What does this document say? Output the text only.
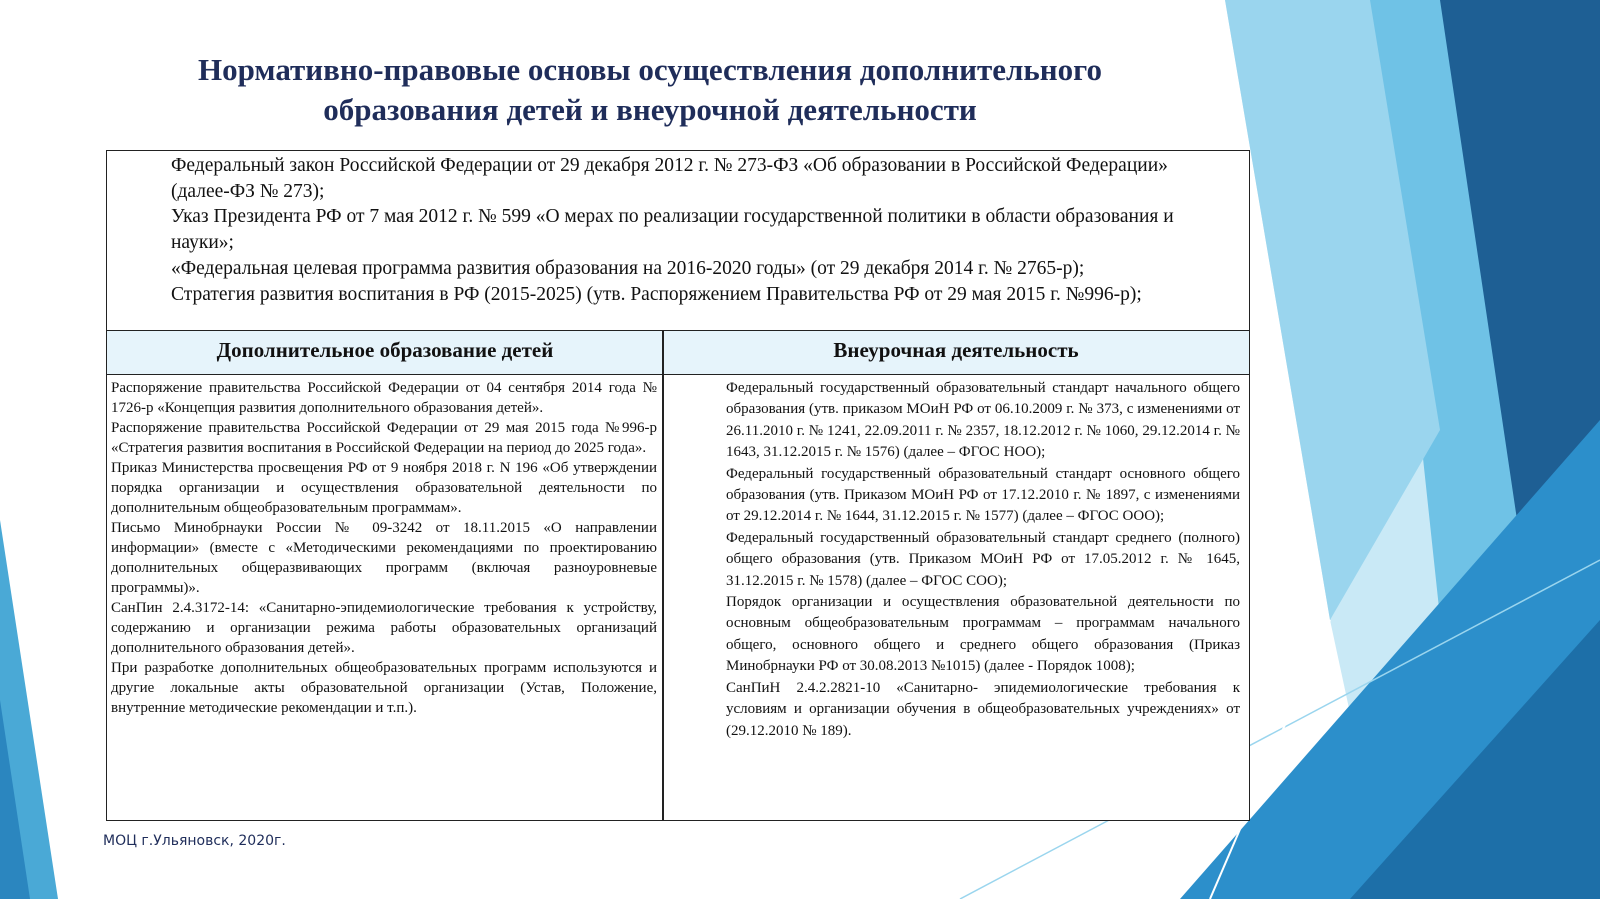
Нормативно-правовые основы осуществления дополнительного
образования детей и внеурочной деятельности

Федеральный закон Российской Федерации от 29 декабря 2012 г. № 273-ФЗ «Об образовании в Российской Федерации» (далее-ФЗ № 273);

Указ Президента РФ от 7 мая 2012 г. № 599 «О мерах по реализации государственной политики в области образования и науки»;

«Федеральная целевая программа развития образования на 2016-2020 годы» (от 29 декабря 2014 г. № 2765-р);

Стратегия развития воспитания в РФ (2015-2025) (утв. Распоряжением Правительства РФ от 29 мая 2015 г. №996-р);

Дополнительное образование детей	Внеурочная деятельность

Распоряжение правительства Российской Федерации от 04 сентября 2014 года № 1726-р «Концепция развития дополнительного образования детей».

Распоряжение правительства Российской Федерации от 29 мая 2015 года №996-р «Стратегия развития воспитания в Российской Федерации на период до 2025 года».

Приказ Министерства просвещения РФ от 9 ноября 2018 г. N 196 «Об утверждении порядка организации и осуществления образовательной деятельности по дополнительным общеобразовательным программам».

Письмо Минобрнауки России № 09-3242 от 18.11.2015 «О направлении информации» (вместе с «Методическими рекомендациями по проектированию дополнительных общеразвивающих программ (включая разноуровневые программы)».

СанПин 2.4.3172-14: «Санитарно-эпидемиологические требования к устройству, содержанию и организации режима работы образовательных организаций дополнительного образования детей».

При разработке дополнительных общеобразовательных программ используются и другие локальные акты образовательной организации (Устав, Положение, внутренние методические рекомендации и т.п.).

Федеральный государственный образовательный стандарт начального общего образования (утв. приказом МОиН РФ от 06.10.2009 г. № 373, с изменениями от 26.11.2010 г. № 1241, 22.09.2011 г. № 2357, 18.12.2012 г. № 1060, 29.12.2014 г. № 1643, 31.12.2015 г. № 1576) (далее – ФГОС НОО);

Федеральный государственный образовательный стандарт основного общего образования (утв. Приказом МОиН РФ от 17.12.2010 г. № 1897, с изменениями от 29.12.2014 г. № 1644, 31.12.2015 г. № 1577) (далее – ФГОС ООО);

Федеральный государственный образовательный стандарт среднего (полного) общего образования (утв. Приказом МОиН РФ от 17.05.2012 г. № 1645, 31.12.2015 г. № 1578) (далее – ФГОС СОО);

Порядок организации и осуществления образовательной деятельности по основным общеобразовательным программам – программам начального общего, основного общего и среднего общего образования (Приказ Минобрнауки РФ от 30.08.2013 №1015) (далее - Порядок 1008);

СанПиН 2.4.2.2821-10 «Санитарно- эпидемиологические требования к условиям и организации обучения в общеобразовательных учреждениях» от (29.12.2010 № 189).

МОЦ г.Ульяновск, 2020г.
